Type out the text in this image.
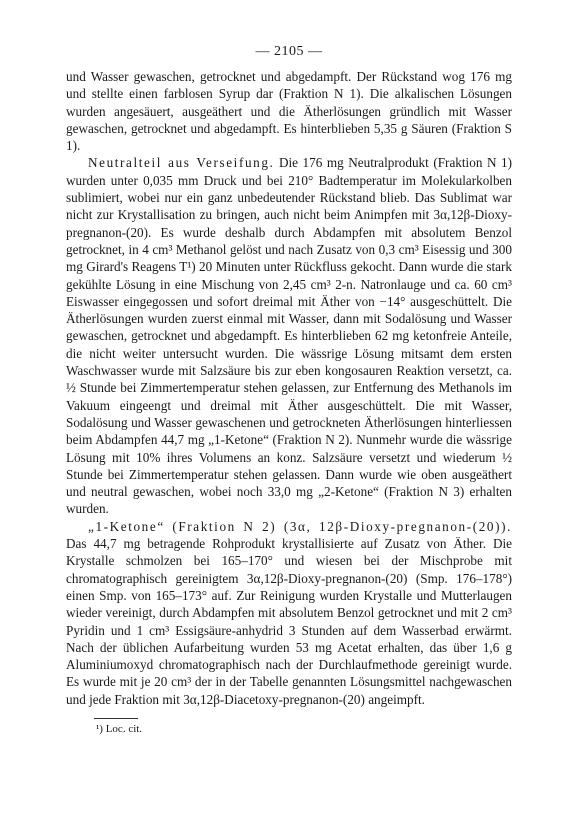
— 2105 —

und Wasser gewaschen, getrocknet und abgedampft. Der Rückstand wog 176 mg und stellte einen farblosen Syrup dar (Fraktion N 1). Die alkalischen Lösungen wurden angesäuert, ausgeäthert und die Ätherlösungen gründlich mit Wasser gewaschen, getrocknet und abgedampft. Es hinterblieben 5,35 g Säuren (Fraktion S 1).

Neutralteil aus Verseifung. Die 176 mg Neutralprodukt (Fraktion N 1) wurden unter 0,035 mm Druck und bei 210° Badtemperatur im Molekularkolben sublimiert, wobei nur ein ganz unbedeutender Rückstand blieb. Das Sublimat war nicht zur Krystallisation zu bringen, auch nicht beim Animpfen mit 3α,12β-Dioxy-pregnanon-(20). Es wurde deshalb durch Abdampfen mit absolutem Benzol getrocknet, in 4 cm³ Methanol gelöst und nach Zusatz von 0,3 cm³ Eisessig und 300 mg Girard's Reagens T¹) 20 Minuten unter Rückfluss gekocht. Dann wurde die stark gekühlte Lösung in eine Mischung von 2,45 cm³ 2-n. Natronlauge und ca. 60 cm³ Eiswasser eingegossen und sofort dreimal mit Äther von −14° ausgeschüttelt. Die Ätherlösungen wurden zuerst einmal mit Wasser, dann mit Sodalösung und Wasser gewaschen, getrocknet und abgedampft. Es hinterblieben 62 mg ketonfreie Anteile, die nicht weiter untersucht wurden. Die wässrige Lösung mitsamt dem ersten Waschwasser wurde mit Salzsäure bis zur eben kongosauren Reaktion versetzt, ca. ½ Stunde bei Zimmertemperatur stehen gelassen, zur Entfernung des Methanols im Vakuum eingeengt und dreimal mit Äther ausgeschüttelt. Die mit Wasser, Sodalösung und Wasser gewaschenen und getrockneten Ätherlösungen hinterliessen beim Abdampfen 44,7 mg „1-Ketone“ (Fraktion N 2). Nunmehr wurde die wässrige Lösung mit 10% ihres Volumens an konz. Salzsäure versetzt und wiederum ½ Stunde bei Zimmertemperatur stehen gelassen. Dann wurde wie oben ausgeäthert und neutral gewaschen, wobei noch 33,0 mg „2-Ketone“ (Fraktion N 3) erhalten wurden.

„1-Ketone“ (Fraktion N 2) (3α, 12β-Dioxy-pregnanon-(20)). Das 44,7 mg betragende Rohprodukt krystallisierte auf Zusatz von Äther. Die Krystalle schmolzen bei 165–170° und wiesen bei der Mischprobe mit chromatographisch gereinigtem 3α,12β-Dioxy-pregnanon-(20) (Smp. 176–178°) einen Smp. von 165–173° auf. Zur Reinigung wurden Krystalle und Mutterlaugen wieder vereinigt, durch Abdampfen mit absolutem Benzol getrocknet und mit 2 cm³ Pyridin und 1 cm³ Essigsäure-anhydrid 3 Stunden auf dem Wasserbad erwärmt. Nach der üblichen Aufarbeitung wurden 53 mg Acetat erhalten, das über 1,6 g Aluminiumoxyd chromatographisch nach der Durchlaufmethode gereinigt wurde. Es wurde mit je 20 cm³ der in der Tabelle genannten Lösungsmittel nachgewaschen und jede Fraktion mit 3α,12β-Diacetoxy-pregnanon-(20) angeimpft.

¹) Loc. cit.
